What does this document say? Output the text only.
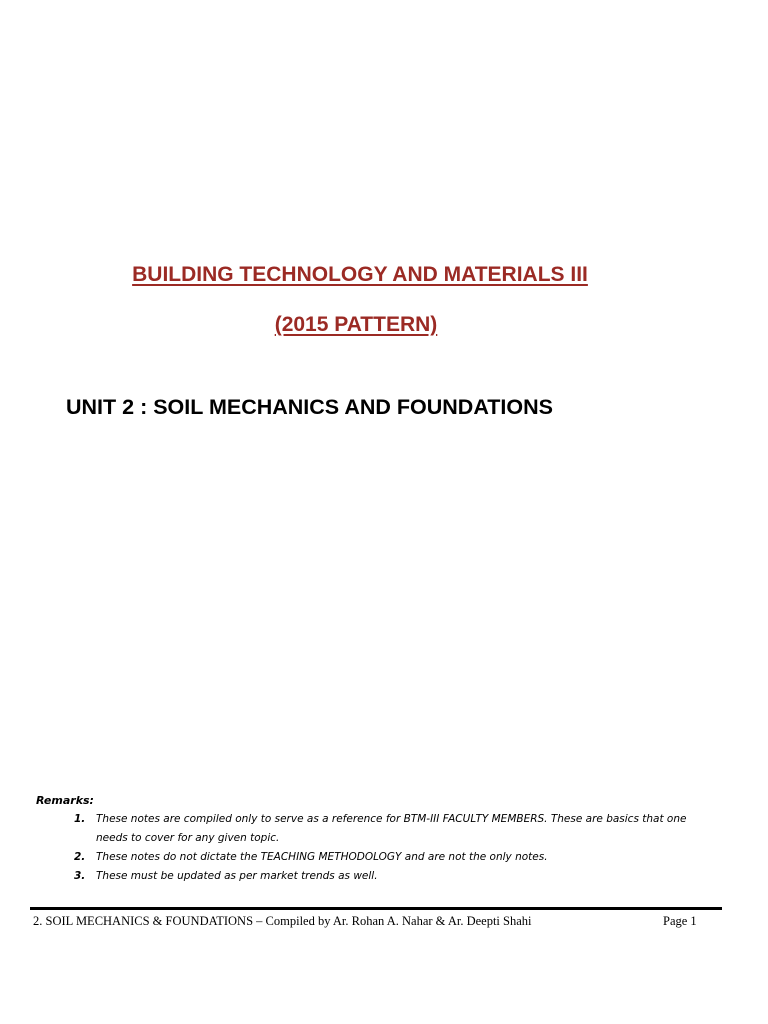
BUILDING TECHNOLOGY AND MATERIALS III
(2015 PATTERN)
UNIT 2 : SOIL MECHANICS AND FOUNDATIONS
Remarks:
1. These notes are compiled only to serve as a reference for BTM-III FACULTY MEMBERS. These are basics that one needs to cover for any given topic.
2. These notes do not dictate the TEACHING METHODOLOGY and are not the only notes.
3. These must be updated as per market trends as well.
2. SOIL MECHANICS & FOUNDATIONS – Compiled by Ar. Rohan A. Nahar & Ar. Deepti Shahi	Page 1
